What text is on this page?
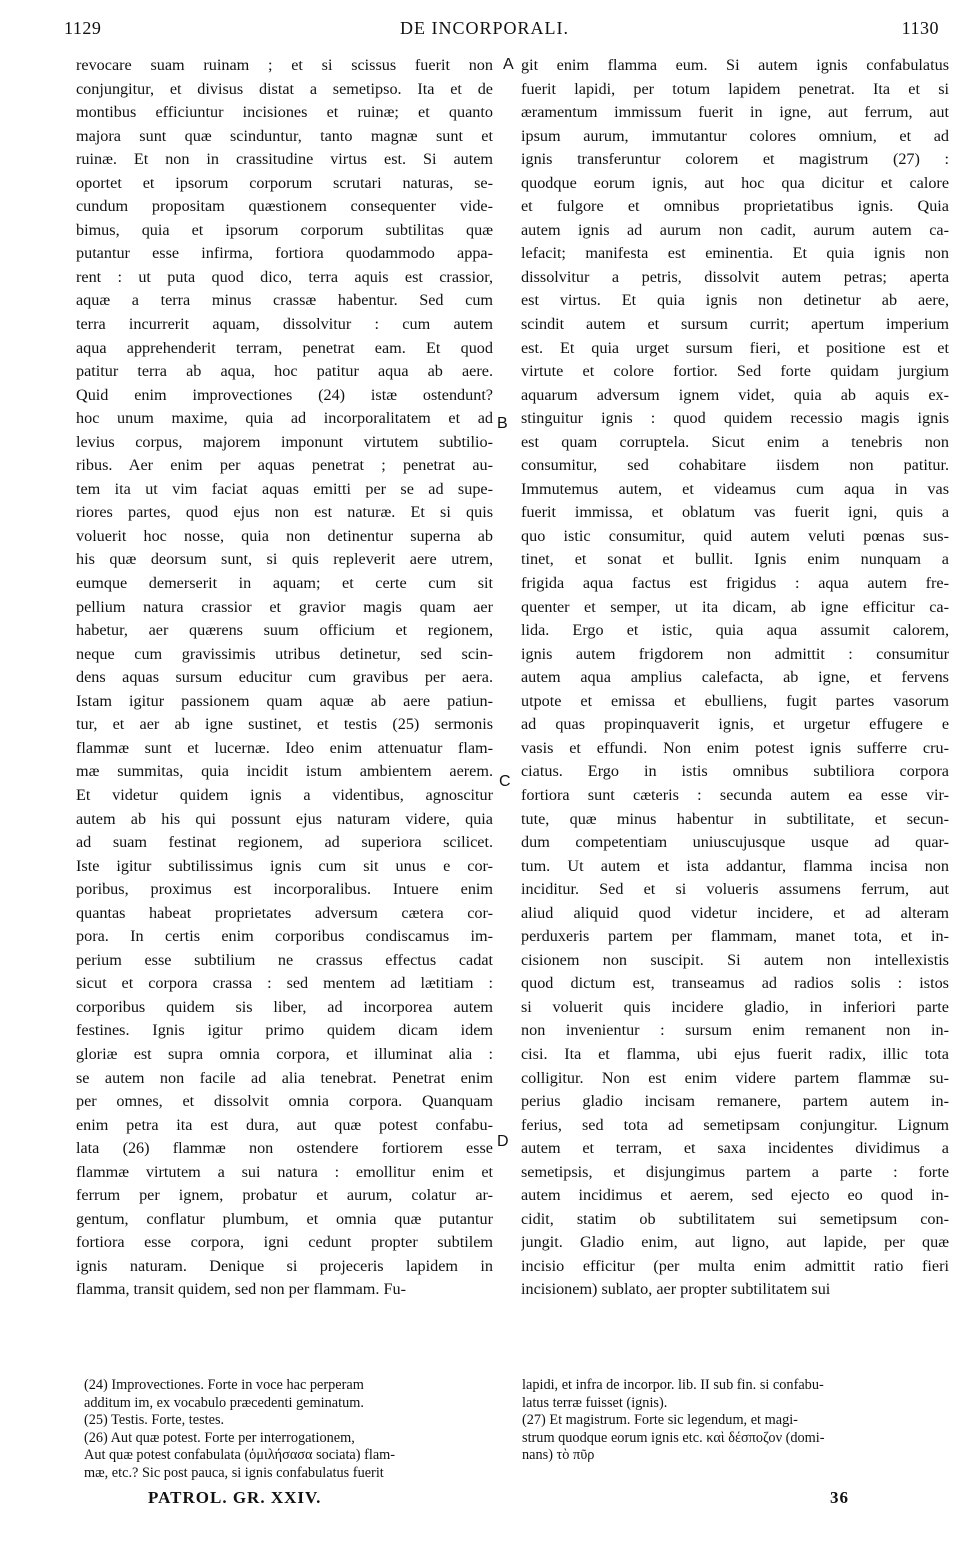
1129	DE INCORPORALI.	1130
revocare suam ruinam ; et si scissus fuerit non
conjungitur, et divisus distat a semetipso. Ita et de
montibus efficiuntur incisiones et ruinæ; et quanto
majora sunt quæ scinduntur, tanto magnæ sunt et
ruinæ. Et non in crassitudine virtus est. Si autem
oportet et ipsorum corporum scrutari naturas, se-
cundum propositam quæstionem consequenter vide-
bimus, quia et ipsorum corporum subtilitas quæ
putantur esse infirma, fortiora quodammodo appa-
rent : ut puta quod dico, terra aquis est crassior,
aquæ a terra minus crassæ habentur. Sed cum
terra incurrerit aquam, dissolvitur : cum autem
aqua apprehenderit terram, penetrat eam. Et quod
patitur terra ab aqua, hoc patitur aqua ab aere.
Quid enim improvectiones (24) istæ ostendunt?
hoc unum maxime, quia ad incorporalitatem et ad
levius corpus, majorem imponunt virtutem subtilio-
ribus. Aer enim per aquas penetrat ; penetrat au-
tem ita ut vim faciat aquas emitti per se ad supe-
riores partes, quod ejus non est naturæ. Et si quis
voluerit hoc nosse, quia non detinentur superna ab
his quæ deorsum sunt, si quis repleverit aere utrem,
eumque demerserit in aquam; et certe cum sit
pellium natura crassior et gravior magis quam aer
habetur, aer quærens suum officium et regionem,
neque cum gravissimis utribus detinetur, sed scin-
dens aquas sursum educitur cum gravibus per aera.
Istam igitur passionem quam aquæ ab aere patiun-
tur, et aer ab igne sustinet, et testis (25) sermonis
flammæ sunt et lucernæ. Ideo enim attenuatur flam-
mæ summitas, quia incidit istum ambientem aerem.
Et videtur quidem ignis a videntibus, agnoscitur
autem ab his qui possunt ejus naturam videre, quia
ad suam festinat regionem, ad superiora scilicet.
Iste igitur subtilissimus ignis cum sit unus e cor-
poribus, proximus est incorporalibus. Intuere enim
quantas habeat proprietates adversum cætera cor-
pora. In certis enim corporibus condiscamus im-
perium esse subtilium ne crassus effectus cadat
sicut et corpora crassa : sed mentem ad lætitiam :
corporibus quidem sis liber, ad incorporea autem
festines. Ignis igitur primo quidem dicam idem
gloriæ est supra omnia corpora, et illuminat alia :
se autem non facile ad alia tenebrat. Penetrat enim
per omnes, et dissolvit omnia corpora. Quanquam
enim petra ita est dura, aut quæ potest confabu-
lata (26) flammæ non ostendere fortiorem esse
flammæ virtutem a sui natura : emollitur enim et
ferrum per ignem, probatur et aurum, colatur ar-
gentum, conflatur plumbum, et omnia quæ putantur
fortiora esse corpora, igni cedunt propter subtilem
ignis naturam. Denique si projeceris lapidem in
flamma, transit quidem, sed non per flammam. Fu-
git enim flamma eum. Si autem ignis confabulatus
fuerit lapidi, per totum lapidem penetrat. Ita et si
æramentum immissum fuerit in igne, aut ferrum, aut
ipsum aurum, immutantur colores omnium, et ad
ignis transferuntur colorem et magistrum (27) :
quodque eorum ignis, aut hoc qua dicitur et calore
et fulgore et omnibus proprietatibus ignis. Quia
autem ignis ad aurum non cadit, aurum autem ca-
lefacit; manifesta est eminentia. Et quia ignis non
dissolvitur a petris, dissolvit autem petras; aperta
est virtus. Et quia ignis non detinetur ab aere,
scindit autem et sursum currit; apertum imperium
est. Et quia urget sursum fieri, et positione est et
virtute et colore fortior. Sed forte quidam jurgium
aquarum adversum ignem videt, quia ab aquis ex-
stinguitur ignis : quod quidem recessio magis ignis
est quam corruptela. Sicut enim a tenebris non
consumitur, sed cohabitare iisdem non patitur.
Immutemus autem, et videamus cum aqua in vas
fuerit immissa, et oblatum vas fuerit igni, quis a
quo istic consumitur, quid autem veluti pœnas sus-
tinet, et sonat et bullit. Ignis enim nunquam a
frigida aqua factus est frigidus : aqua autem fre-
quenter et semper, ut ita dicam, ab igne efficitur ca-
lida. Ergo et istic, quia aqua assumit calorem,
ignis autem frigdorem non admittit : consumitur
autem aqua amplius calefacta, ab igne, et fervens
utpote et emissa et ebulliens, fugit partes vasorum
ad quas propinquaverit ignis, et urgetur effugere e
vasis et effundi. Non enim potest ignis sufferre cru-
ciatus. Ergo in istis omnibus subtiliora corpora
fortiora sunt cæteris : secunda autem ea esse vir-
tute, quæ minus habentur in subtilitate, et secun-
dum competentiam uniuscujusque usque ad quar-
tum. Ut autem et ista addantur, flamma incisa non
inciditur. Sed et si volueris assumens ferrum, aut
aliud aliquid quod videtur incidere, et ad alteram
perduxeris partem per flammam, manet tota, et in-
cisionem non suscipit. Si autem non intellexistis
quod dictum est, transeamus ad radios solis : istos
si voluerit quis incidere gladio, in inferiori parte
non invenientur : sursum enim remanent non in-
cisi. Ita et flamma, ubi ejus fuerit radix, illic tota
colligitur. Non est enim videre partem flammæ su-
perius gladio incisam remanere, partem autem in-
ferius, sed tota ad semetipsam conjungitur. Lignum
autem et terram, et saxa incidentes dividimus a
semetipsis, et disjungimus partem a parte : forte
autem incidimus et aerem, sed ejecto eo quod in-
cidit, statim ob subtilitatem sui semetipsum con-
jungit. Gladio enim, aut ligno, aut lapide, per quæ
incisio efficitur (per multa enim admittit ratio fieri
incisionem) sublato, aer propter subtilitatem sui
A
B
C
D
(24) Improvectiones. Forte in voce hac perperam
additum im, ex vocabulo præcedenti geminatum.
(25) Testis. Forte, testes.
(26) Aut quæ potest. Forte per interrogationem,
Aut quæ potest confabulata (ὁμιλήσασα sociata) flam-
mæ, etc.? Sic post pauca, si ignis confabulatus fuerit
lapidi, et infra de incorpor. lib. II sub fin. si confabu-
latus terræ fuisset (ignis).
(27) Et magistrum. Forte sic legendum, et magi-
strum quodque eorum ignis etc. καὶ δέσποζον (domi-
nans) τὸ πῦρ
PATROL. GR. XXIV.	36
